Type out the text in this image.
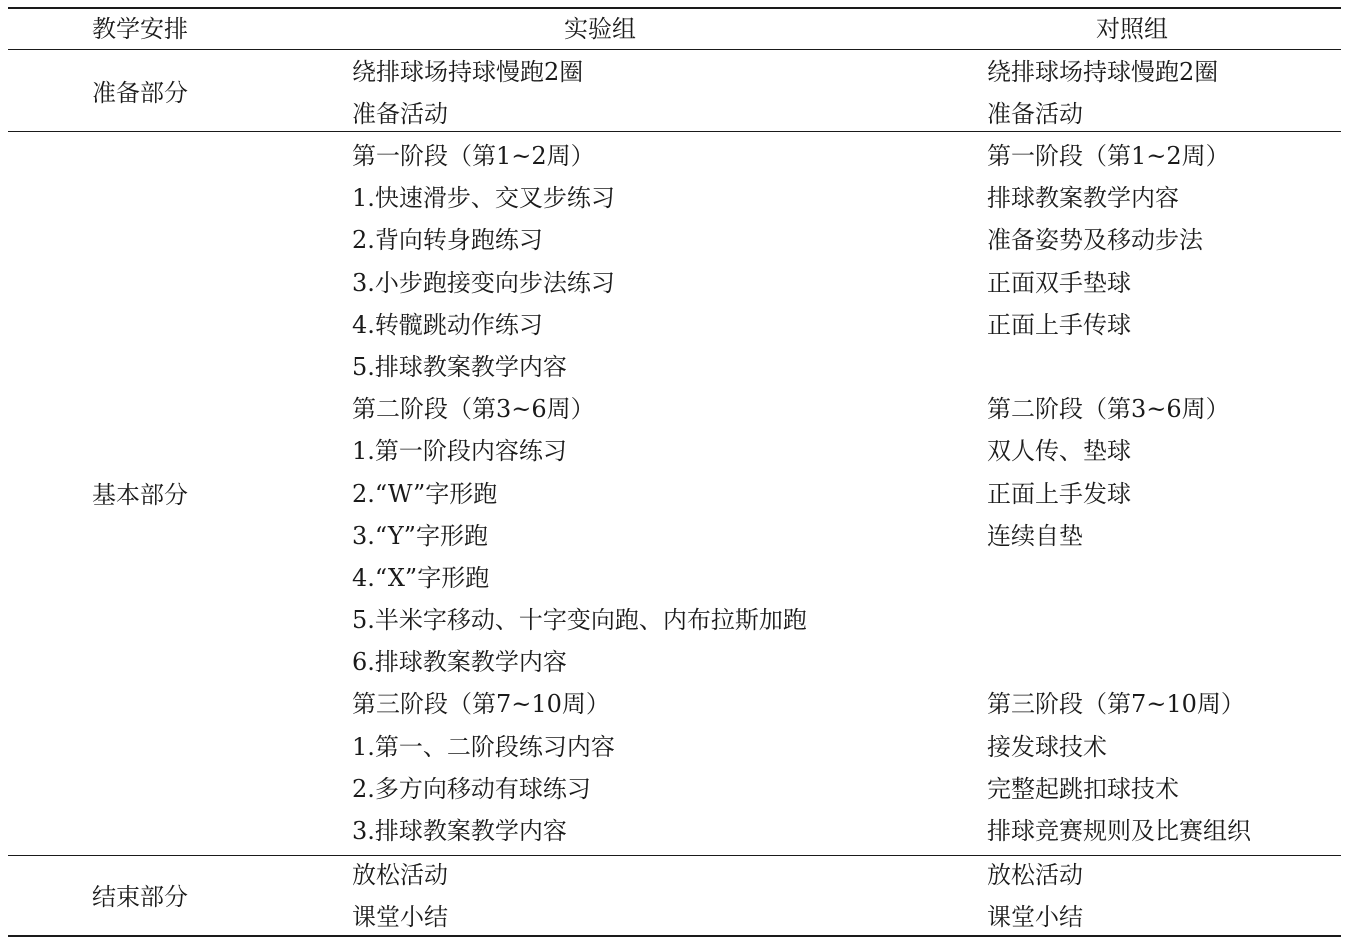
教学安排	实验组	对照组
准备部分
绕排球场持球慢跑2圈
准备活动
绕排球场持球慢跑2圈
准备活动
基本部分
第一阶段（第1~2周）
1.快速滑步、交叉步练习
2.背向转身跑练习
3.小步跑接变向步法练习
4.转髋跳动作练习
5.排球教案教学内容
第二阶段（第3~6周）
1.第一阶段内容练习
2.“W”字形跑
3.“Y”字形跑
4.“X”字形跑
5.半米字移动、十字变向跑、内布拉斯加跑
6.排球教案教学内容
第三阶段（第7~10周）
1.第一、二阶段练习内容
2.多方向移动有球练习
3.排球教案教学内容
第一阶段（第1~2周）
排球教案教学内容
准备姿势及移动步法
正面双手垫球
正面上手传球
第二阶段（第3~6周）
双人传、垫球
正面上手发球
连续自垫
第三阶段（第7~10周）
接发球技术
完整起跳扣球技术
排球竞赛规则及比赛组织
结束部分
放松活动
课堂小结
放松活动
课堂小结
